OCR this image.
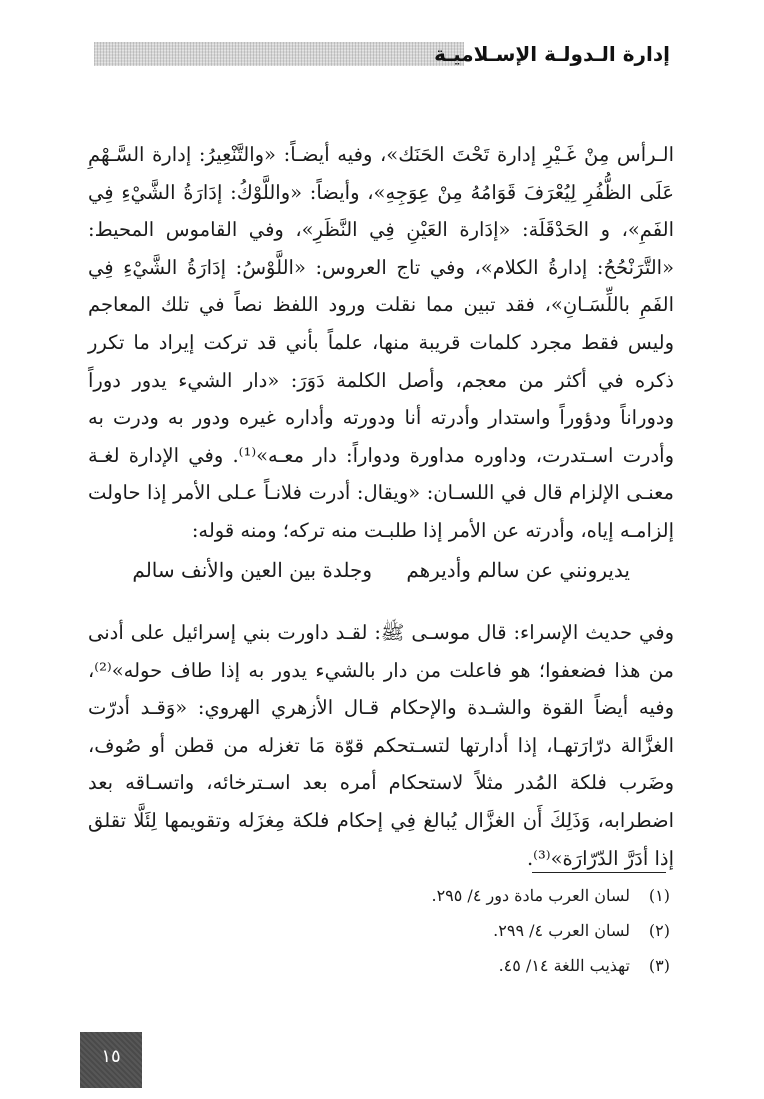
إدارة الـدولـة الإسـلاميـة

الـرأس مِنْ غَـيْرِ إدارة تَحْتَ الحَنَك»، وفيه أيضـاً: «والتَّنْعِيرُ: إدارة السَّـهْمِ عَلَى الظُّفُرِ لِيُعْرَفَ قَوَامُهُ مِنْ عِوَجِهِ»، وأيضاً: «واللَّوْكُ: إدَارَةُ الشَّيْءِ فِي الفَمِ»، و الحَدْقَلَة: «إدَارة العَيْنِ فِي النَّظَرِ»، وفي القاموس المحيط: «التَّرَنْحُحُ: إدارةُ الكلام»، وفي تاج العروس: «اللَّوْسُ: إدَارَةُ الشَّيْءِ فِي الفَمِ باللِّسَـانِ»، فقد تبين مما نقلت ورود اللفظ نصاً في تلك المعاجم وليس فقط مجرد كلمات قريبة منها، علماً بأني قد تركت إيراد ما تكرر ذكره في أكثر من معجم، وأصل الكلمة دَوَرَ: «دار الشيء يدور دوراً ودوراناً ودؤوراً واستدار وأدرته أنا ودورته وأداره غيره ودور به ودرت به وأدرت اسـتدرت، وداوره مداورة ودواراً: دار معـه»⁽¹⁾. وفي الإدارة لغـة معنـى الإلزام قال في اللسـان: «ويقال: أدرت فلانـاً عـلى الأمر إذا حاولت إلزامـه إياه، وأدرته عن الأمر إذا طلبـت منه تركه؛ ومنه قوله:

يديرونني عن سالم وأديرهم
وجلدة بين العين والأنف سالم

وفي حديث الإسراء: قال موسـى ﷺ: لقـد داورت بني إسرائيل على أدنى من هذا فضعفوا؛ هو فاعلت من دار بالشيء يدور به إذا طاف حوله»⁽²⁾، وفيه أيضاً القوة والشـدة والإحكام قـال الأزهري الهروي: «وَقـد أدرّت الغزَّالة درّارَتهـا، إذا أدارتها لتسـتحكم قوّة مَا تغزله من قطن أو صُوف، وضَرب فلكة المُدر مثلاً لاستحكام أمره بعد اسـترخائه، واتسـاقه بعد اضطرابه، وَذَلِكَ أَن الغزَّال يُبالغ فِي إحكام فلكة مِغزَله وتقويمها لِئَلَّا تقلق إذا أدَرَّ الدّرّارَة»⁽³⁾.

(١)
لسان العرب مادة دور ٤/ ٢٩٥.
(٢)
لسان العرب ٤/ ٢٩٩.
(٣)
تهذيب اللغة ١٤/ ٤٥.
١٥
